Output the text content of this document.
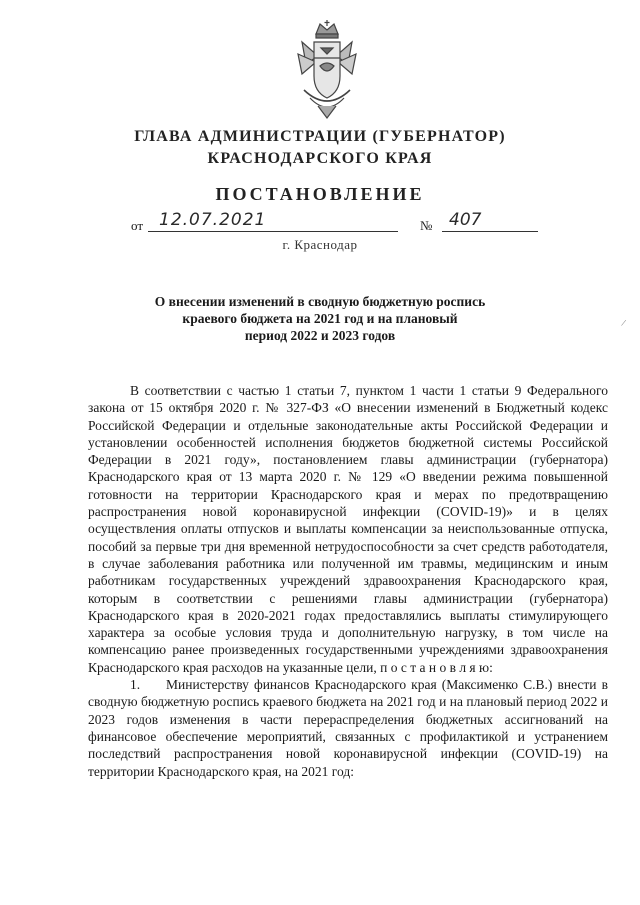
ГЛАВА АДМИНИСТРАЦИИ (ГУБЕРНАТОР)
КРАСНОДАРСКОГО КРАЯ
ПОСТАНОВЛЕНИЕ
от 12.07.2021	№ 407
г. Краснодар
О внесении изменений в сводную бюджетную роспись
краевого бюджета на 2021 год и на плановый
период 2022 и 2023 годов
/

В соответствии с частью 1 статьи 7, пунктом 1 части 1 статьи 9 Федерального закона от 15 октября 2020 г. № 327-ФЗ «О внесении изменений в Бюджетный кодекс Российской Федерации и отдельные законодательные акты Российской Федерации и установлении особенностей исполнения бюджетов бюджетной системы Российской Федерации в 2021 году», постановлением главы администрации (губернатора) Краснодарского края от 13 марта 2020 г. № 129 «О введении режима повышенной готовности на территории Краснодарского края и мерах по предотвращению распространения новой коронавирусной инфекции (COVID-19)» и в целях осуществления оплаты отпусков и выплаты компенсации за неиспользованные отпуска, пособий за первые три дня временной нетрудоспособности за счет средств работодателя, в случае заболевания работника или полученной им травмы, медицинским и иным работникам государственных учреждений здравоохранения Краснодарского края, которым в соответствии с решениями главы администрации (губернатора) Краснодарского края в 2020-2021 годах предоставлялись выплаты стимулирующего характера за особые условия труда и дополнительную нагрузку, в том числе на компенсацию ранее произведенных государственными учреждениями здравоохранения Краснодарского края расходов на указанные цели, п о с т а н о в л я ю:

1. Министерству финансов Краснодарского края (Максименко С.В.) внести в сводную бюджетную роспись краевого бюджета на 2021 год и на плановый период 2022 и 2023 годов изменения в части перераспределения бюджетных ассигнований на финансовое обеспечение мероприятий, связанных с профилактикой и устранением последствий распространения новой коронавирусной инфекции (COVID-19) на территории Краснодарского края, на 2021 год:
